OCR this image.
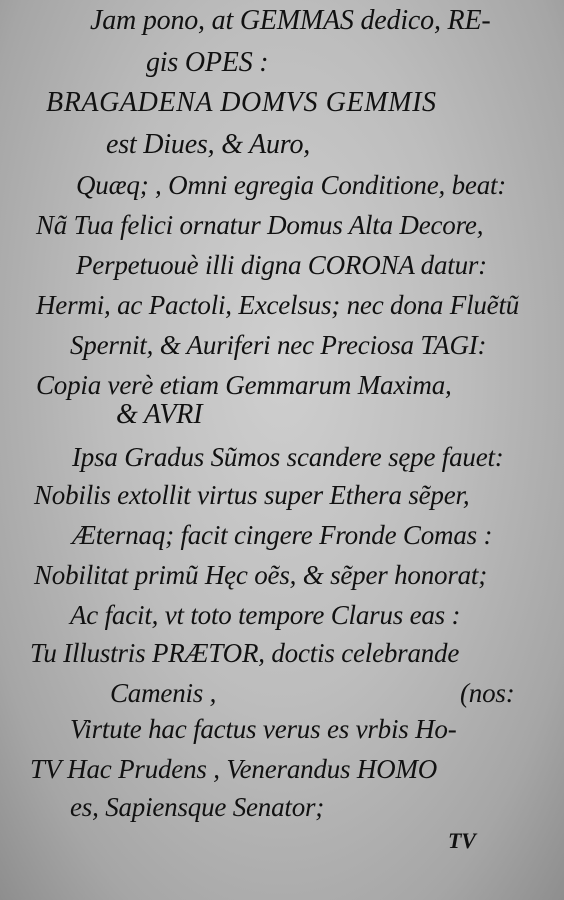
Jam pono, at GEMMAS dedico, RE-
gis OPES :
BRAGADENA DOMVS GEMMIS
est Diues, & Auro,
Quæq; , Omni egregia Conditione, beat:
Nã Tua felici ornatur Domus Alta Decore,
Perpetuouè illi digna CORONA datur:
Hermi, ac Pactoli, Excelsus; nec dona Fluẽtũ
Spernit, & Auriferi nec Preciosa TAGI:
Copia verè etiam Gemmarum Maxima,
& AVRI
Ipsa Gradus Sũmos scandere sępe fauet:
Nobilis extollit virtus super Ethera sẽper,
Æternaq; facit cingere Fronde Comas :
Nobilitat primũ Hęc oẽs, & sẽper honorat;
Ac facit, vt toto tempore Clarus eas :
Tu Illustris PRÆTOR, doctis celebrande
Camenis ,	(nos:
Virtute hac factus verus es vrbis Ho-
TV Hac Prudens , Venerandus HOMO
es, Sapiensque Senator;
TV
